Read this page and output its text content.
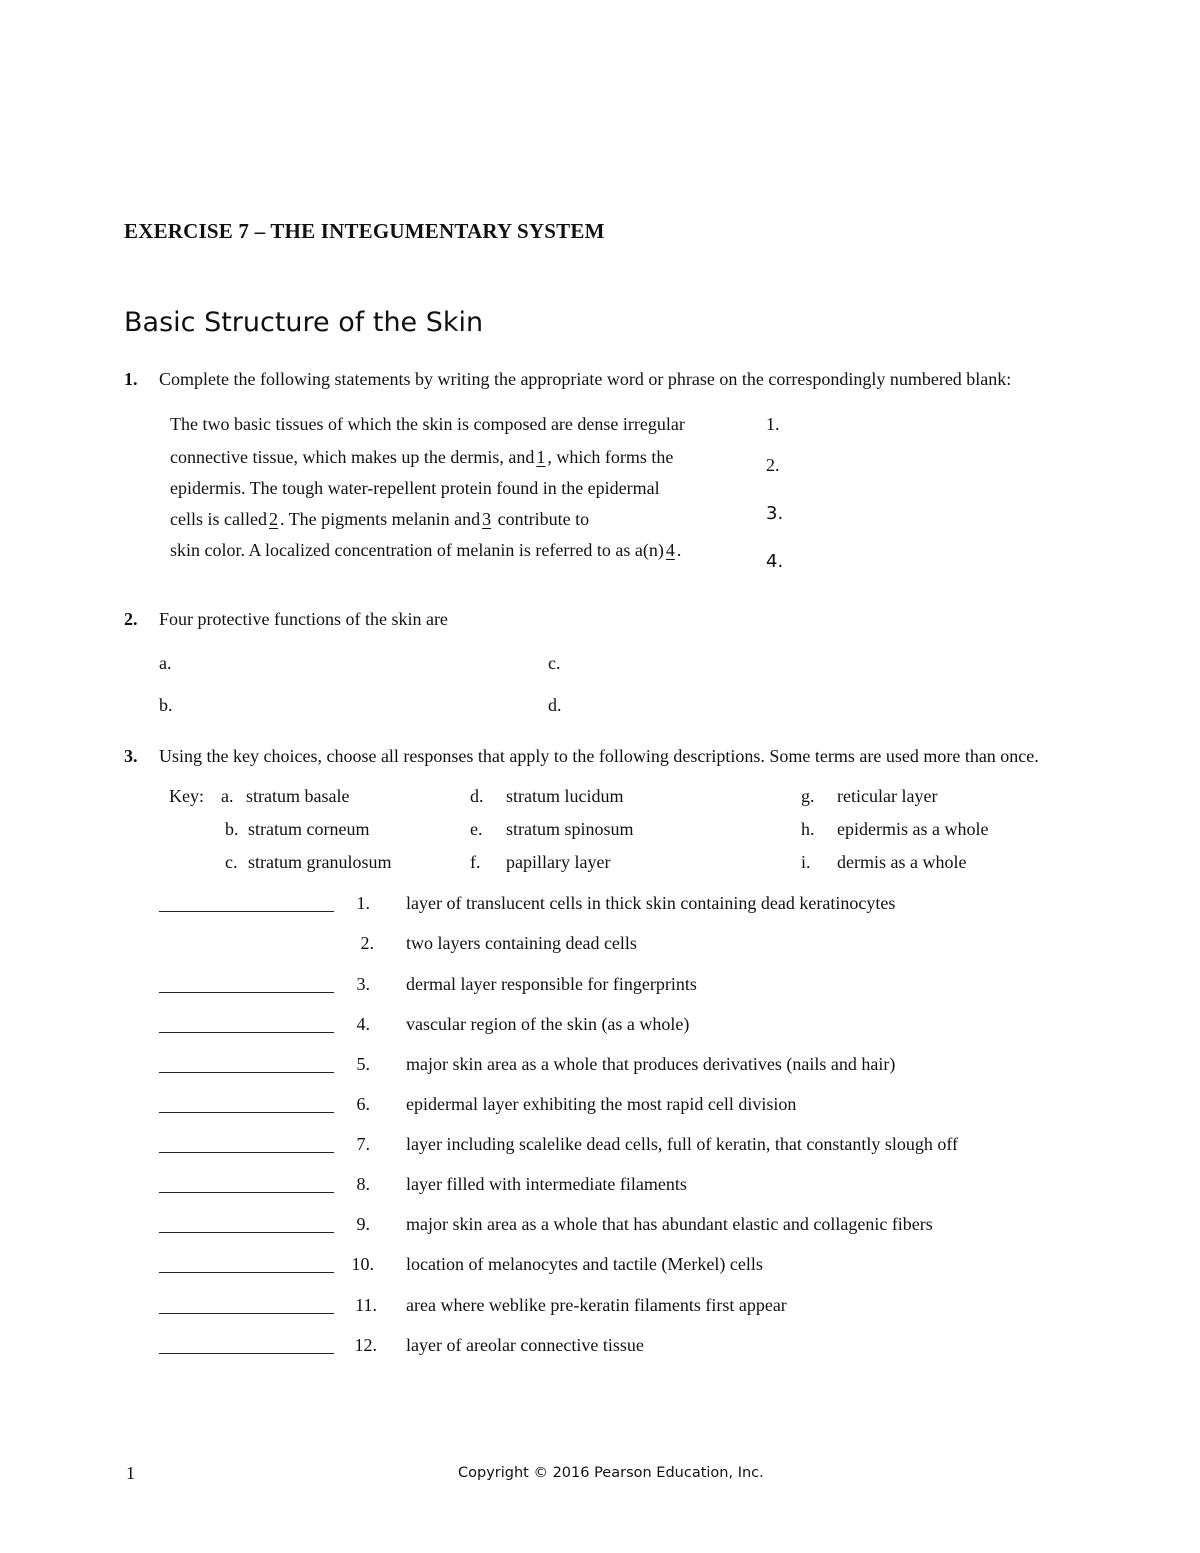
EXERCISE 7 – THE INTEGUMENTARY SYSTEM
Basic Structure of the Skin
1. Complete the following statements by writing the appropriate word or phrase on the correspondingly numbered blank:
The two basic tissues of which the skin is composed are dense irregular
connective tissue, which makes up the dermis, and 1 , which forms the
epidermis. The tough water-repellent protein found in the epidermal
cells is called 2 . The pigments melanin and 3 contribute to
skin color. A localized concentration of melanin is referred to as a(n) 4 .
1.
2.
3.
4.
2. Four protective functions of the skin are
a.
b.
c.
d.
3. Using the key choices, choose all responses that apply to the following descriptions. Some terms are used more than once.
Key: a. stratum basale
b. stratum corneum
c. stratum granulosum
d. stratum lucidum
e. stratum spinosum
f. papillary layer
g. reticular layer
h. epidermis as a whole
i. dermis as a whole
1. layer of translucent cells in thick skin containing dead keratinocytes
2. two layers containing dead cells
3. dermal layer responsible for fingerprints
4. vascular region of the skin (as a whole)
5. major skin area as a whole that produces derivatives (nails and hair)
6. epidermal layer exhibiting the most rapid cell division
7. layer including scalelike dead cells, full of keratin, that constantly slough off
8. layer filled with intermediate filaments
9. major skin area as a whole that has abundant elastic and collagenic fibers
10. location of melanocytes and tactile (Merkel) cells
11. area where weblike pre-keratin filaments first appear
12. layer of areolar connective tissue
1	Copyright © 2016 Pearson Education, Inc.
